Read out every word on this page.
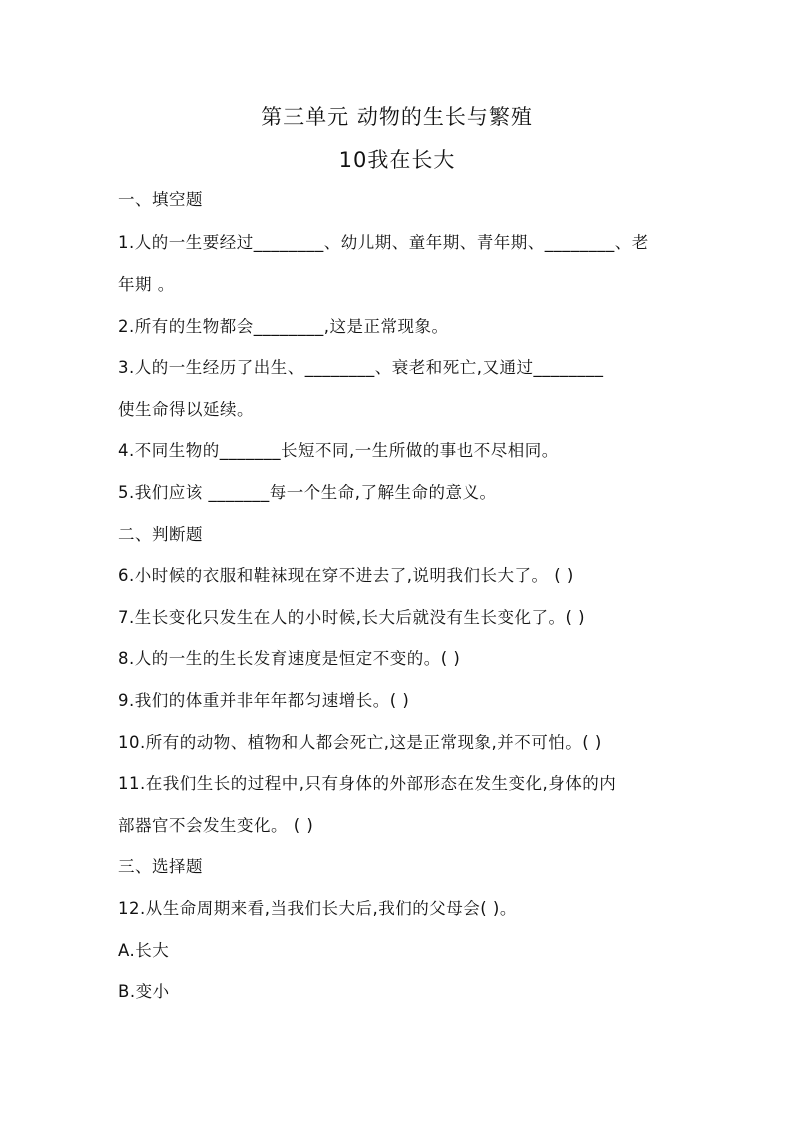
第三单元 动物的生长与繁殖
10我在长大
一、填空题
1.人的一生要经过________、幼儿期、童年期、青年期、________、老
年期 。
2.所有的生物都会________,这是正常现象。
3.人的一生经历了出生、________、衰老和死亡,又通过________
使生命得以延续。
4.不同生物的_______长短不同,一生所做的事也不尽相同。
5.我们应该 _______每一个生命,了解生命的意义。
二、判断题
6.小时候的衣服和鞋袜现在穿不进去了,说明我们长大了。 ( )
7.生长变化只发生在人的小时候,长大后就没有生长变化了。( )
8.人的一生的生长发育速度是恒定不变的。( )
9.我们的体重并非年年都匀速增长。( )
10.所有的动物、植物和人都会死亡,这是正常现象,并不可怕。( )
11.在我们生长的过程中,只有身体的外部形态在发生变化,身体的内
部器官不会发生变化。 ( )
三、选择题
12.从生命周期来看,当我们长大后,我们的父母会( )。
A.长大
B.变小
